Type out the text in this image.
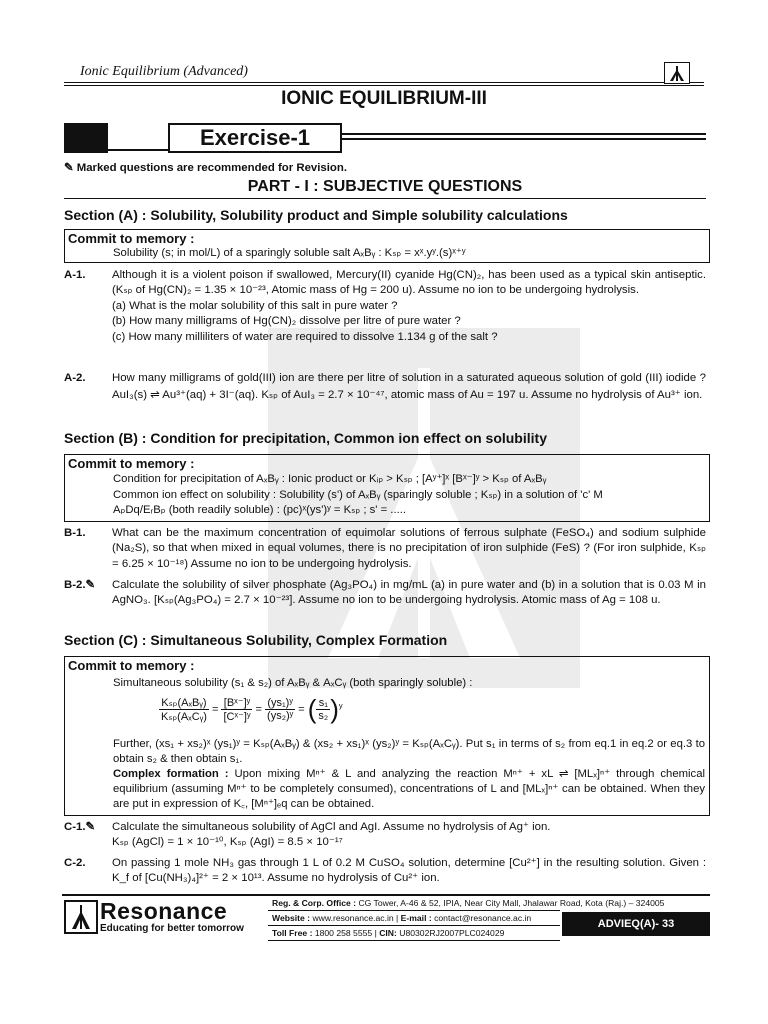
Ionic Equilibrium (Advanced)
IONIC EQUILIBRIUM-III
Exercise-1
✎ Marked questions are recommended for Revision.
PART - I : SUBJECTIVE QUESTIONS
Section (A) : Solubility, Solubility product and Simple solubility calculations
Commit to memory :
Solubility (s; in mol/L) of a sparingly soluble salt AₓBᵧ : Kₛₚ = xˣ.yʸ.(s)ˣ⁺ʸ
A-1. Although it is a violent poison if swallowed, Mercury(II) cyanide Hg(CN)₂, has been used as a typical skin antiseptic. (Kₛₚ of Hg(CN)₂ = 1.35 × 10⁻²³, Atomic mass of Hg = 200 u). Assume no ion to be undergoing hydrolysis.
(a) What is the molar solubility of this salt in pure water ?
(b) How many milligrams of Hg(CN)₂ dissolve per litre of pure water ?
(c) How many milliliters of water are required to dissolve 1.134 g of the salt ?
A-2. How many milligrams of gold(III) ion are there per litre of solution in a saturated aqueous solution of gold (III) iodide ? AuI₃(s) ⇌ Au³⁺(aq) + 3I⁻(aq). Kₛₚ of AuI₃ = 2.7 × 10⁻⁴⁷, atomic mass of Au = 197 u. Assume no hydrolysis of Au³⁺ ion.
Section (B) : Condition for precipitation, Common ion effect on solubility
Commit to memory :
Condition for precipitation of AₓBᵧ : Ionic product or Kᵢₚ > Kₛₚ ; [Aʸ⁺]ˣ [Bˣ⁻]ʸ > Kₛₚ of AₓBᵧ
Common ion effect on solubility : Solubility (s') of AₓBᵧ (sparingly soluble ; Kₛₚ) in a solution of 'c' M
AₚDq/EᵣBₚ (both readily soluble) : (pc)ˣ(ys')ʸ = Kₛₚ ; s' = .....
B-1. What can be the maximum concentration of equimolar solutions of ferrous sulphate (FeSO₄) and sodium sulphide (Na₂S), so that when mixed in equal volumes, there is no precipitation of iron sulphide (FeS) ? (For iron sulphide, Kₛₚ = 6.25 × 10⁻¹⁸) Assume no ion to be undergoing hydrolysis.
B-2.✎ Calculate the solubility of silver phosphate (Ag₃PO₄) in mg/mL (a) in pure water and (b) in a solution that is 0.03 M in AgNO₃. [Kₛₚ(Ag₃PO₄) = 2.7 × 10⁻²³]. Assume no ion to be undergoing hydrolysis. Atomic mass of Ag = 108 u.
Section (C) : Simultaneous Solubility, Complex Formation
Commit to memory :
Simultaneous solubility (s₁ & s₂) of AₓBᵧ & AₓCᵧ (both sparingly soluble) :
$\frac{\text{Kₛₚ(AₓBᵧ)}}{\text{Kₛₚ(AₓCᵧ)}} = \frac{\text{[Bˣ⁻]ʸ}}{\text{[Cˣ⁻]ʸ}} = \frac{\text{(ys₁)ʸ}}{\text{(ys₂)ʸ}}$ = ( $\frac{\text{s₁}}{\text{s₂}} )^y$
Further, (xs₁ + xs₂)ˣ (ys₁)ʸ = Kₛₚ(AₓBᵧ) & (xs₂ + xs₁)ˣ (ys₂)ʸ = Kₛₚ(AₓCᵧ). Put s₁ in terms of s₂ from eq.1 in eq.2 or eq.3 to obtain s₂ & then obtain s₁.
Complex formation : Upon mixing Mⁿ⁺ & L and analyzing the reaction Mⁿ⁺ + xL ⇌ [MLₓ]ⁿ⁺ through chemical equilibrium (assuming Mⁿ⁺ to be completely consumed), concentrations of L and [MLₓ]ⁿ⁺ can be obtained. When they are put in expression of K꜀, [Mⁿ⁺]ₑq can be obtained.
C-1.✎ Calculate the simultaneous solubility of AgCl and AgI. Assume no hydrolysis of Ag⁺ ion.
Kₛₚ (AgCl) = 1 × 10⁻¹⁰, Kₛₚ (AgI) = 8.5 × 10⁻¹⁷
C-2. On passing 1 mole NH₃ gas through 1 L of 0.2 M CuSO₄ solution, determine [Cu²⁺] in the resulting solution. Given : K_f of [Cu(NH₃)₄]²⁺ = 2 × 10¹³. Assume no hydrolysis of Cu²⁺ ion.
Resonance
Educating for better tomorrow
Reg. & Corp. Office : CG Tower, A-46 & 52, IPIA, Near City Mall, Jhalawar Road, Kota (Raj.) – 324005
Website : www.resonance.ac.in | E-mail : contact@resonance.ac.in
Toll Free : 1800 258 5555 | CIN: U80302RJ2007PLC024029
ADVIEQ(A)- 33
